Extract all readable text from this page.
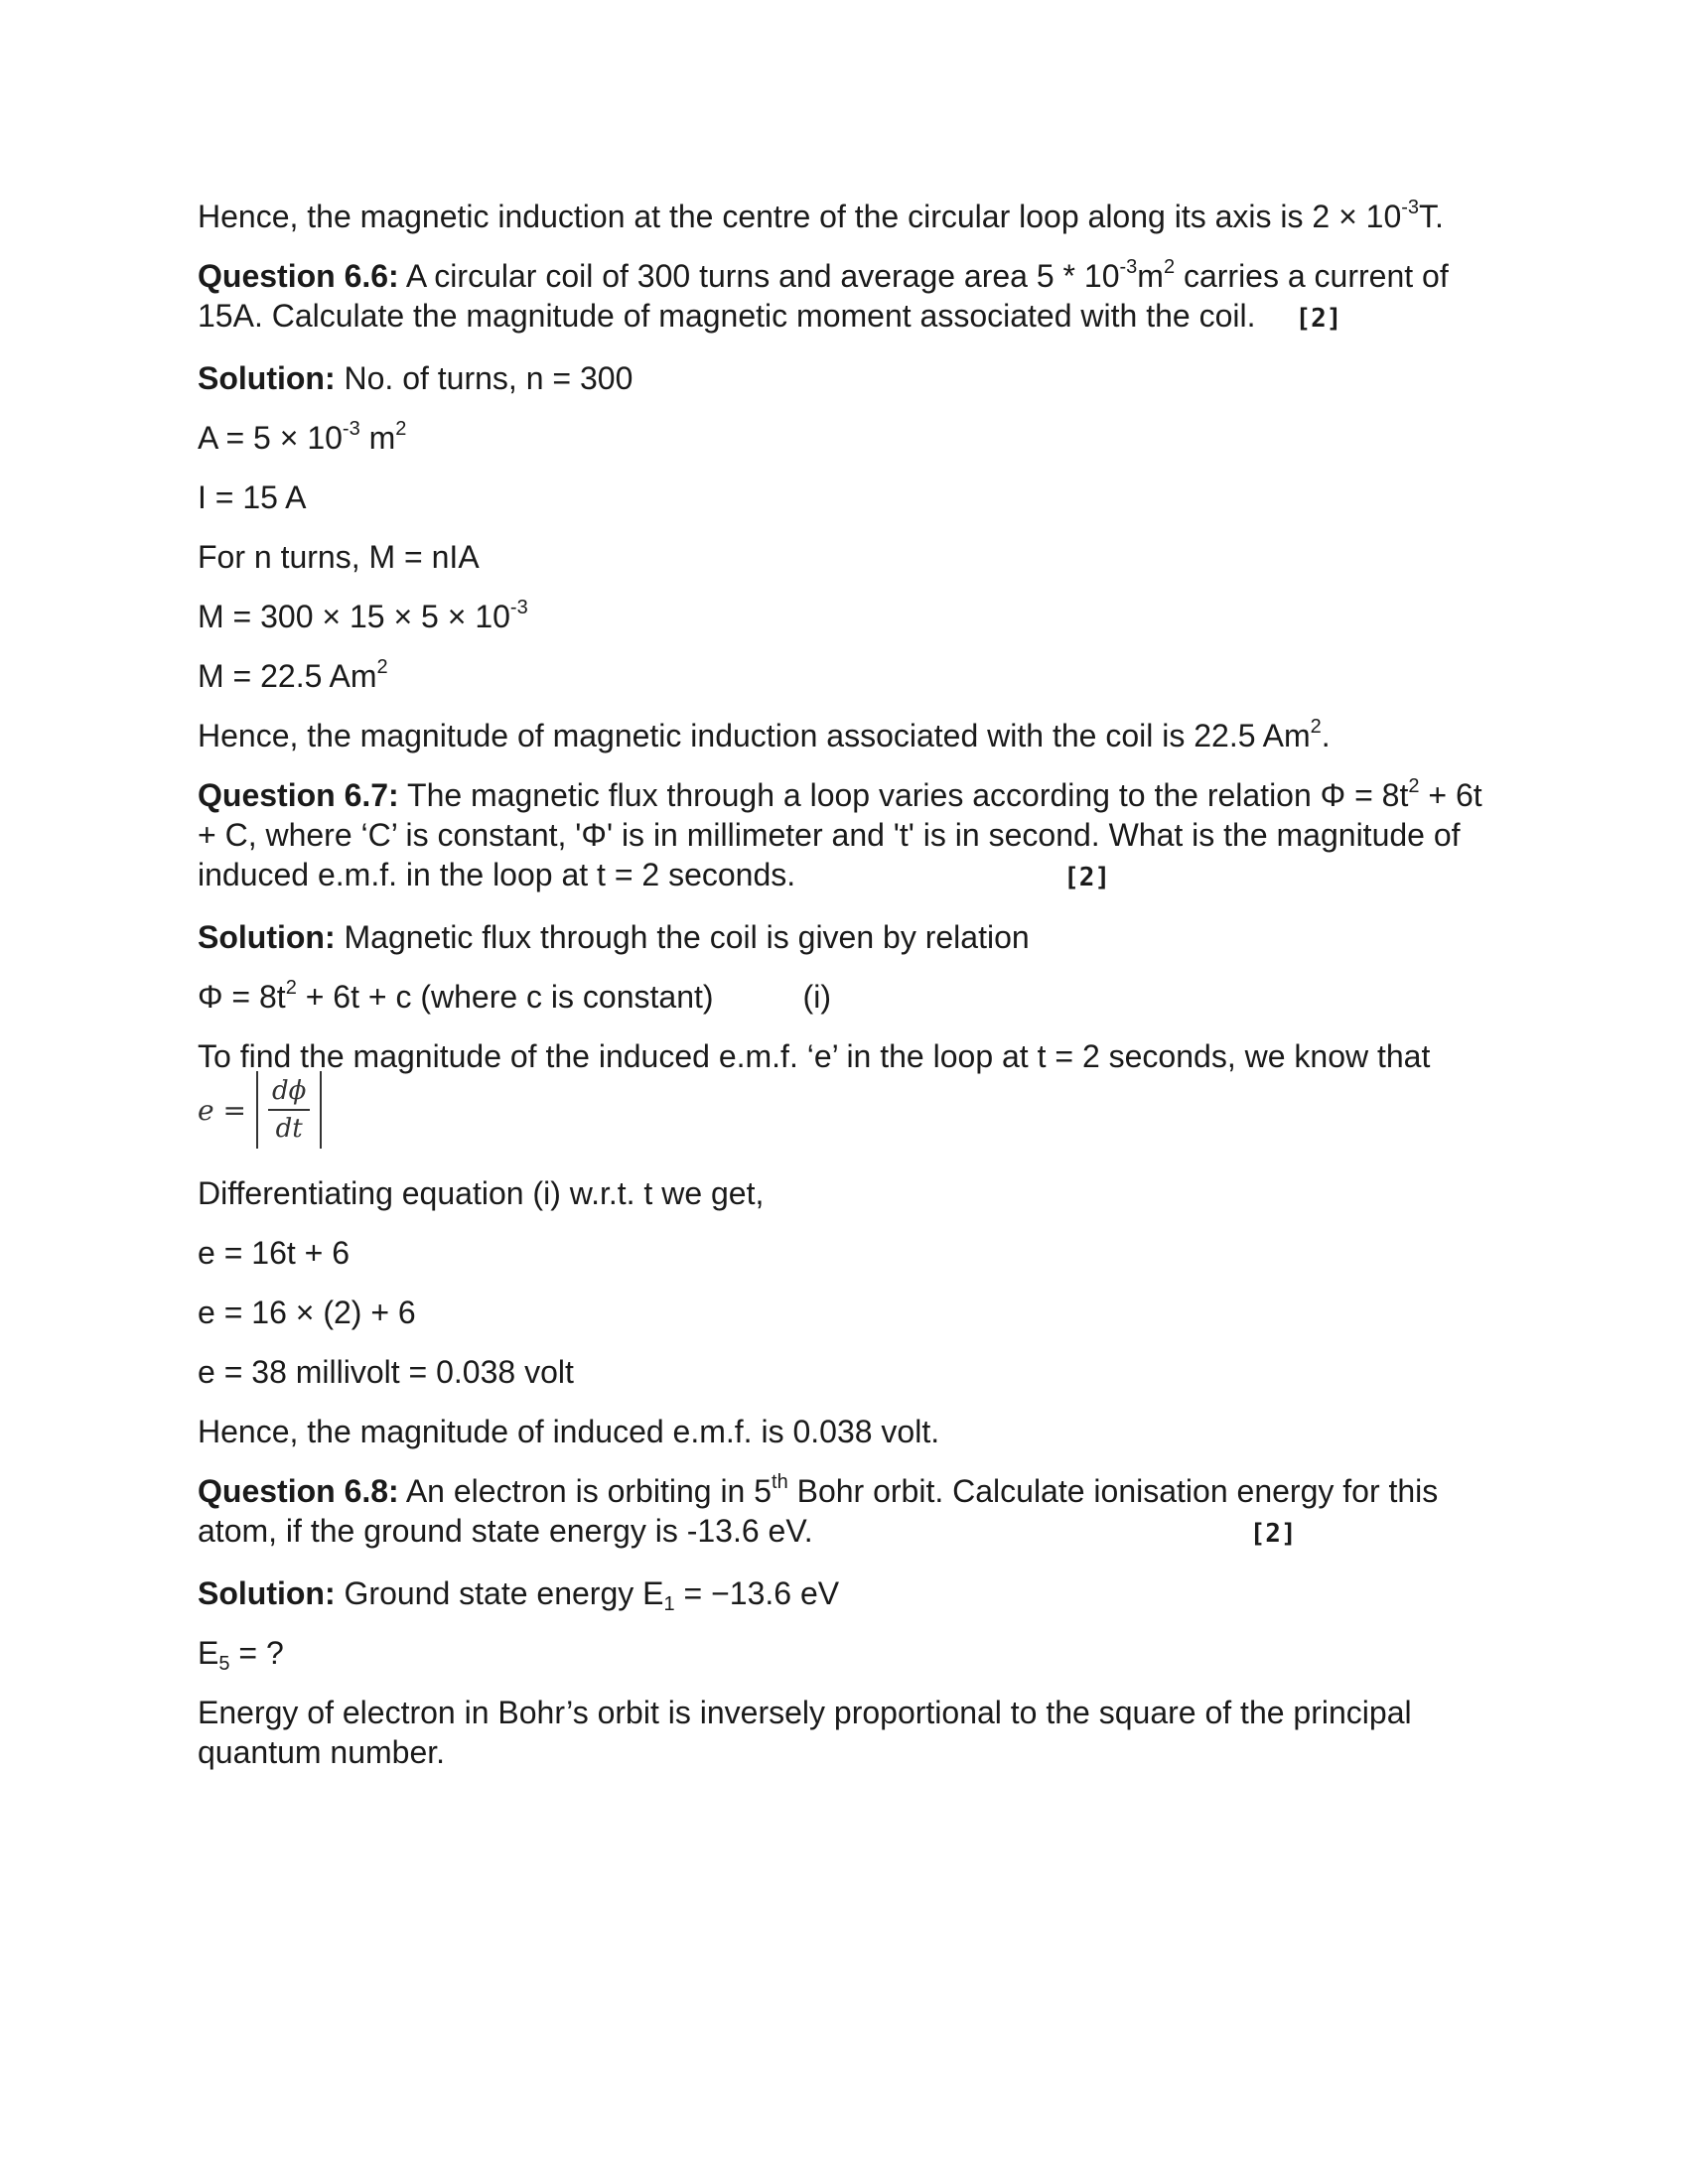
Hence, the magnetic induction at the centre of the circular loop along its axis is $2 \times 10^{-3}T$.

Question 6.6: A circular coil of 300 turns and average area $5 * 10^{-3}m^2$ carries a current of 15A. Calculate the magnitude of magnetic moment associated with the coil. [2]

Solution: No. of turns, n = 300

$A = 5 \times 10^{-3}$ $m^2$

I = 15 A

For n turns, M = nIA

$M = 300 \times 15 \times 5 \times 10^{-3}$

M = 22.5 Am$^2$

Hence, the magnitude of magnetic induction associated with the coil is 22.5 Am$^2$.

Question 6.7: The magnetic flux through a loop varies according to the relation $\Phi = 8t^2 + 6t + C$, where ‘C’ is constant, 'Φ' is in millimeter and 't' is in second. What is the magnitude of induced e.m.f. in the loop at t = 2 seconds.	[2]

Solution: Magnetic flux through the coil is given by relation

$\Phi = 8t^2 + 6t + c$ (where c is constant)	(i)

To find the magnitude of the induced e.m.f. ‘e’ in the loop at t = 2 seconds, we know that

$e = \frac{d\phi}{dt}$

Differentiating equation (i) w.r.t. t we get,

e = 16t + 6

e = 16 × (2) + 6

e = 38 millivolt = 0.038 volt

Hence, the magnitude of induced e.m.f. is 0.038 volt.

Question 6.8: An electron is orbiting in 5th Bohr orbit. Calculate ionisation energy for this atom, if the ground state energy is -13.6 eV.	[2]

Solution: Ground state energy $E_1 = -13.6$ eV

$E_5$ = ?

Energy of electron in Bohr’s orbit is inversely proportional to the square of the principal quantum number.
